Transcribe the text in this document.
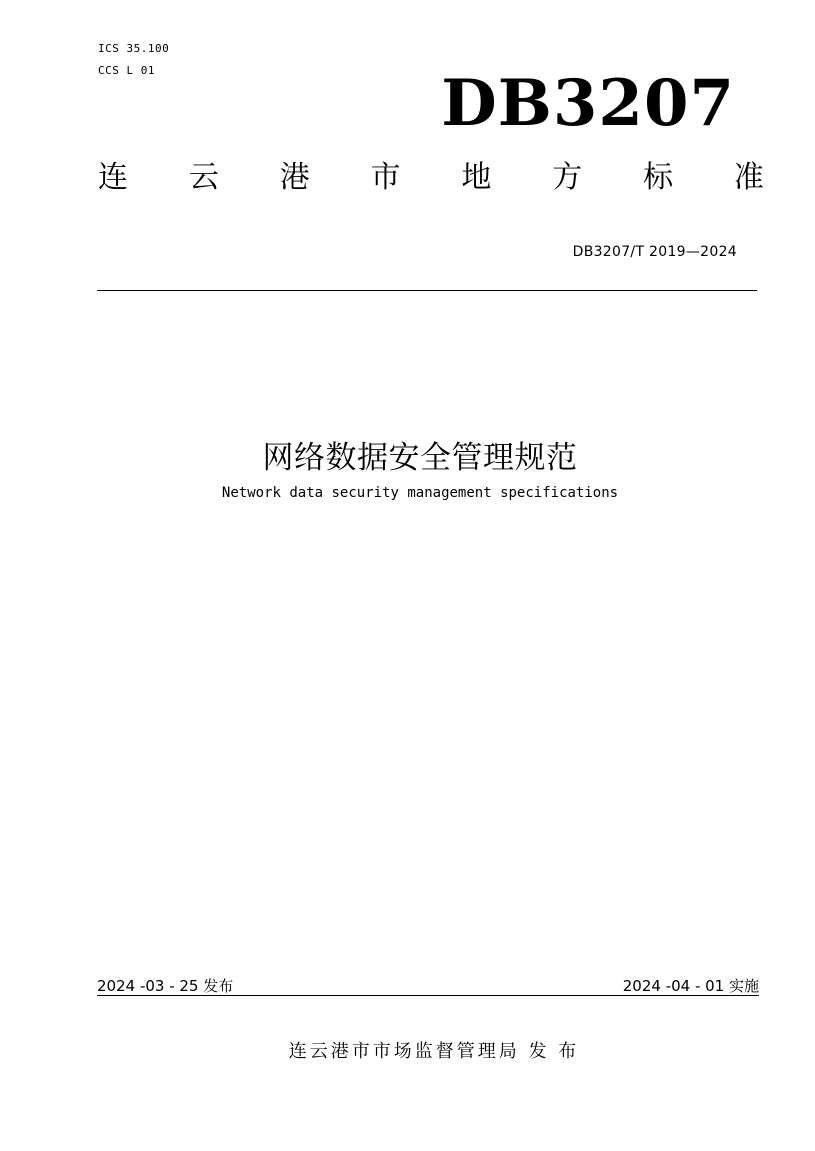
ICS 35.100
CCS L 01	DB3207
连 云 港 市 地 方 标 准
DB3207/T 2019—2024
网络数据安全管理规范
Network data security management specifications
2024 -03 - 25 发布	2024 -04 - 01 实施
连云港市市场监督管理局 发 布
